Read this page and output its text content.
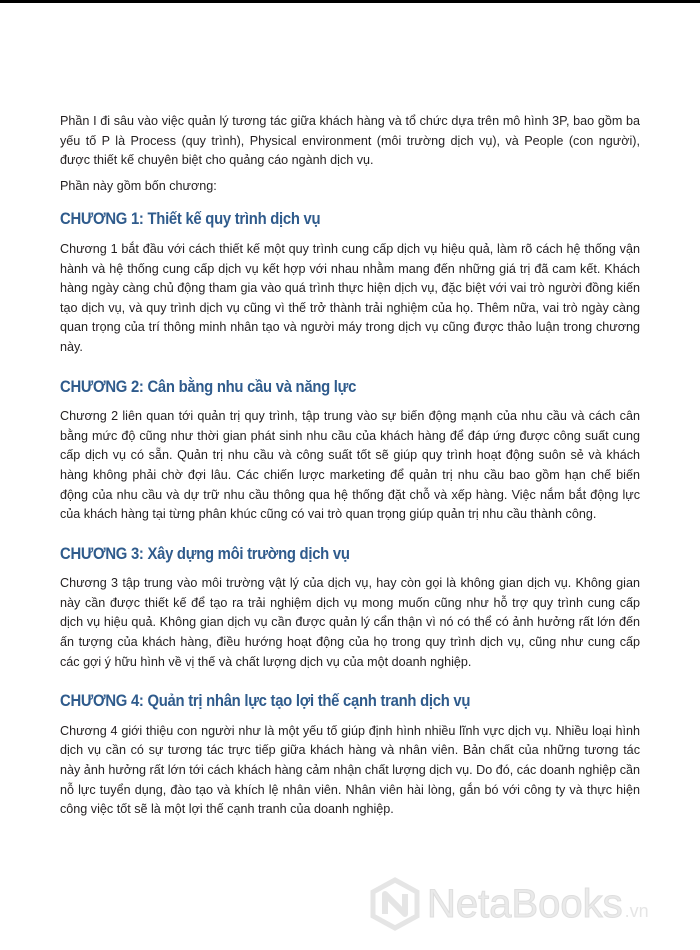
Phần I đi sâu vào việc quản lý tương tác giữa khách hàng và tổ chức dựa trên mô hình 3P, bao gồm ba yếu tố P là Process (quy trình), Physical environment (môi trường dịch vụ), và People (con người), được thiết kế chuyên biệt cho quảng cáo ngành dịch vụ.

Phần này gồm bốn chương:

CHƯƠNG 1: Thiết kế quy trình dịch vụ

Chương 1 bắt đầu với cách thiết kế một quy trình cung cấp dịch vụ hiệu quả, làm rõ cách hệ thống vận hành và hệ thống cung cấp dịch vụ kết hợp với nhau nhằm mang đến những giá trị đã cam kết. Khách hàng ngày càng chủ động tham gia vào quá trình thực hiện dịch vụ, đặc biệt với vai trò người đồng kiến tạo dịch vụ, và quy trình dịch vụ cũng vì thế trở thành trải nghiệm của họ. Thêm nữa, vai trò ngày càng quan trọng của trí thông minh nhân tạo và người máy trong dịch vụ cũng được thảo luận trong chương này.

CHƯƠNG 2: Cân bằng nhu cầu và năng lực

Chương 2 liên quan tới quản trị quy trình, tập trung vào sự biến động mạnh của nhu cầu và cách cân bằng mức độ cũng như thời gian phát sinh nhu cầu của khách hàng để đáp ứng được công suất cung cấp dịch vụ có sẵn. Quản trị nhu cầu và công suất tốt sẽ giúp quy trình hoạt động suôn sẻ và khách hàng không phải chờ đợi lâu. Các chiến lược marketing để quản trị nhu cầu bao gồm hạn chế biến động của nhu cầu và dự trữ nhu cầu thông qua hệ thống đặt chỗ và xếp hàng. Việc nắm bắt động lực của khách hàng tại từng phân khúc cũng có vai trò quan trọng giúp quản trị nhu cầu thành công.

CHƯƠNG 3: Xây dựng môi trường dịch vụ

Chương 3 tập trung vào môi trường vật lý của dịch vụ, hay còn gọi là không gian dịch vụ. Không gian này cần được thiết kế để tạo ra trải nghiệm dịch vụ mong muốn cũng như hỗ trợ quy trình cung cấp dịch vụ hiệu quả. Không gian dịch vụ cần được quản lý cẩn thận vì nó có thể có ảnh hưởng rất lớn đến ấn tượng của khách hàng, điều hướng hoạt động của họ trong quy trình dịch vụ, cũng như cung cấp các gợi ý hữu hình về vị thế và chất lượng dịch vụ của một doanh nghiệp.

CHƯƠNG 4: Quản trị nhân lực tạo lợi thế cạnh tranh dịch vụ

Chương 4 giới thiệu con người như là một yếu tố giúp định hình nhiều lĩnh vực dịch vụ. Nhiều loại hình dịch vụ cần có sự tương tác trực tiếp giữa khách hàng và nhân viên. Bản chất của những tương tác này ảnh hưởng rất lớn tới cách khách hàng cảm nhận chất lượng dịch vụ. Do đó, các doanh nghiệp cần nỗ lực tuyển dụng, đào tạo và khích lệ nhân viên. Nhân viên hài lòng, gắn bó với công ty và thực hiện công việc tốt sẽ là một lợi thế cạnh tranh của doanh nghiệp.

NetaBooks .vn
